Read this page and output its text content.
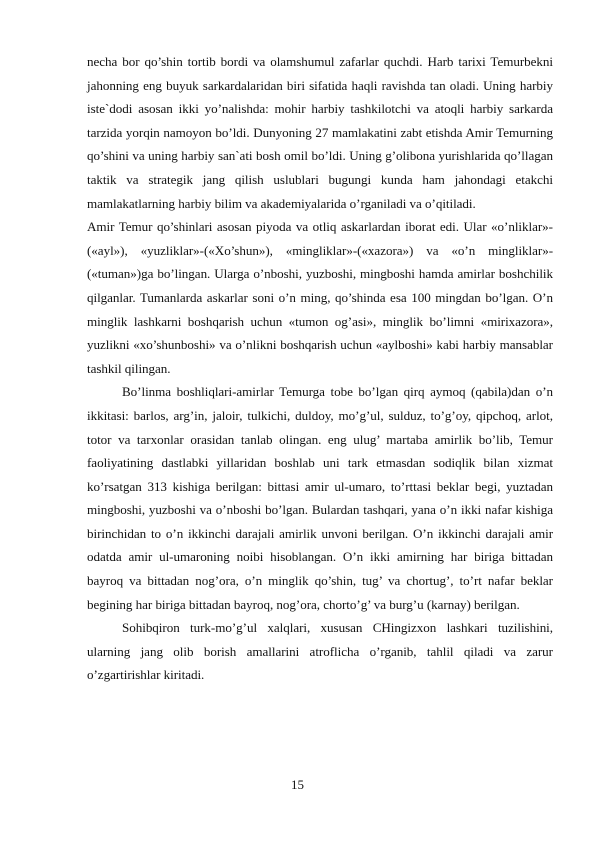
necha bor qo’shin tortib bordi va olamshumul zafarlar quchdi. Harb tarixi Temurbekni jahonning eng buyuk sarkardalaridan biri sifatida haqli ravishda tan oladi. Uning harbiy iste`dodi asosan ikki yo’nalishda: mohir harbiy tashkilotchi va atoqli harbiy sarkarda tarzida yorqin namoyon bo’ldi. Dunyoning 27 mamlakatini zabt etishda Amir Temurning qo’shini va uning harbiy san`ati bosh omil bo’ldi. Uning g’olibona yurishlarida qo’llagan taktik va strategik jang qilish uslublari bugungi kunda ham jahondagi etakchi mamlakatlarning harbiy bilim va akademiyalarida o’rganiladi va o’qitiladi.

Amir Temur qo’shinlari asosan piyoda va otliq askarlardan iborat edi. Ular «o’nliklar»-(«ayl»), «yuzliklar»-(«Xo’shun»), «mingliklar»-(«xazora») va «o’n mingliklar»-(«tuman»)ga bo’lingan. Ularga o’nboshi, yuzboshi, mingboshi hamda amirlar boshchilik qilganlar. Tumanlarda askarlar soni o’n ming, qo’shinda esa 100 mingdan bo’lgan. O’n minglik lashkarni boshqarish uchun «tumon og’asi», minglik bo’limni «mirixazora», yuzlikni «xo’shunboshi» va o’nlikni boshqarish uchun «aylboshi» kabi harbiy mansablar tashkil qilingan.

Bo’linma boshliqlari-amirlar Temurga tobe bo’lgan qirq aymoq (qabila)dan o’n ikkitasi: barlos, arg’in, jaloir, tulkichi, duldoy, mo’g’ul, sulduz, to’g’oy, qipchoq, arlot, totor va tarxonlar orasidan tanlab olingan. eng ulug’ martaba amirlik bo’lib, Temur faoliyatining dastlabki yillaridan boshlab uni tark etmasdan sodiqlik bilan xizmat ko’rsatgan 313 kishiga berilgan: bittasi amir ul-umaro, to’rttasi beklar begi, yuztadan mingboshi, yuzboshi va o’nboshi bo’lgan. Bulardan tashqari, yana o’n ikki nafar kishiga birinchidan to o’n ikkinchi darajali amirlik unvoni berilgan. O’n ikkinchi darajali amir odatda amir ul-umaroning noibi hisoblangan. O’n ikki amirning har biriga bittadan bayroq va bittadan nog’ora, o’n minglik qo’shin, tug’ va chortug’, to’rt nafar beklar begining har biriga bittadan bayroq, nog’ora, chorto’g’ va burg’u (karnay) berilgan.

Sohibqiron turk-mo’g’ul xalqlari, xususan CHingizxon lashkari tuzilishini, ularning jang olib borish amallarini atroflicha o’rganib, tahlil qiladi va zarur o’zgartirishlar kiritadi.

15
